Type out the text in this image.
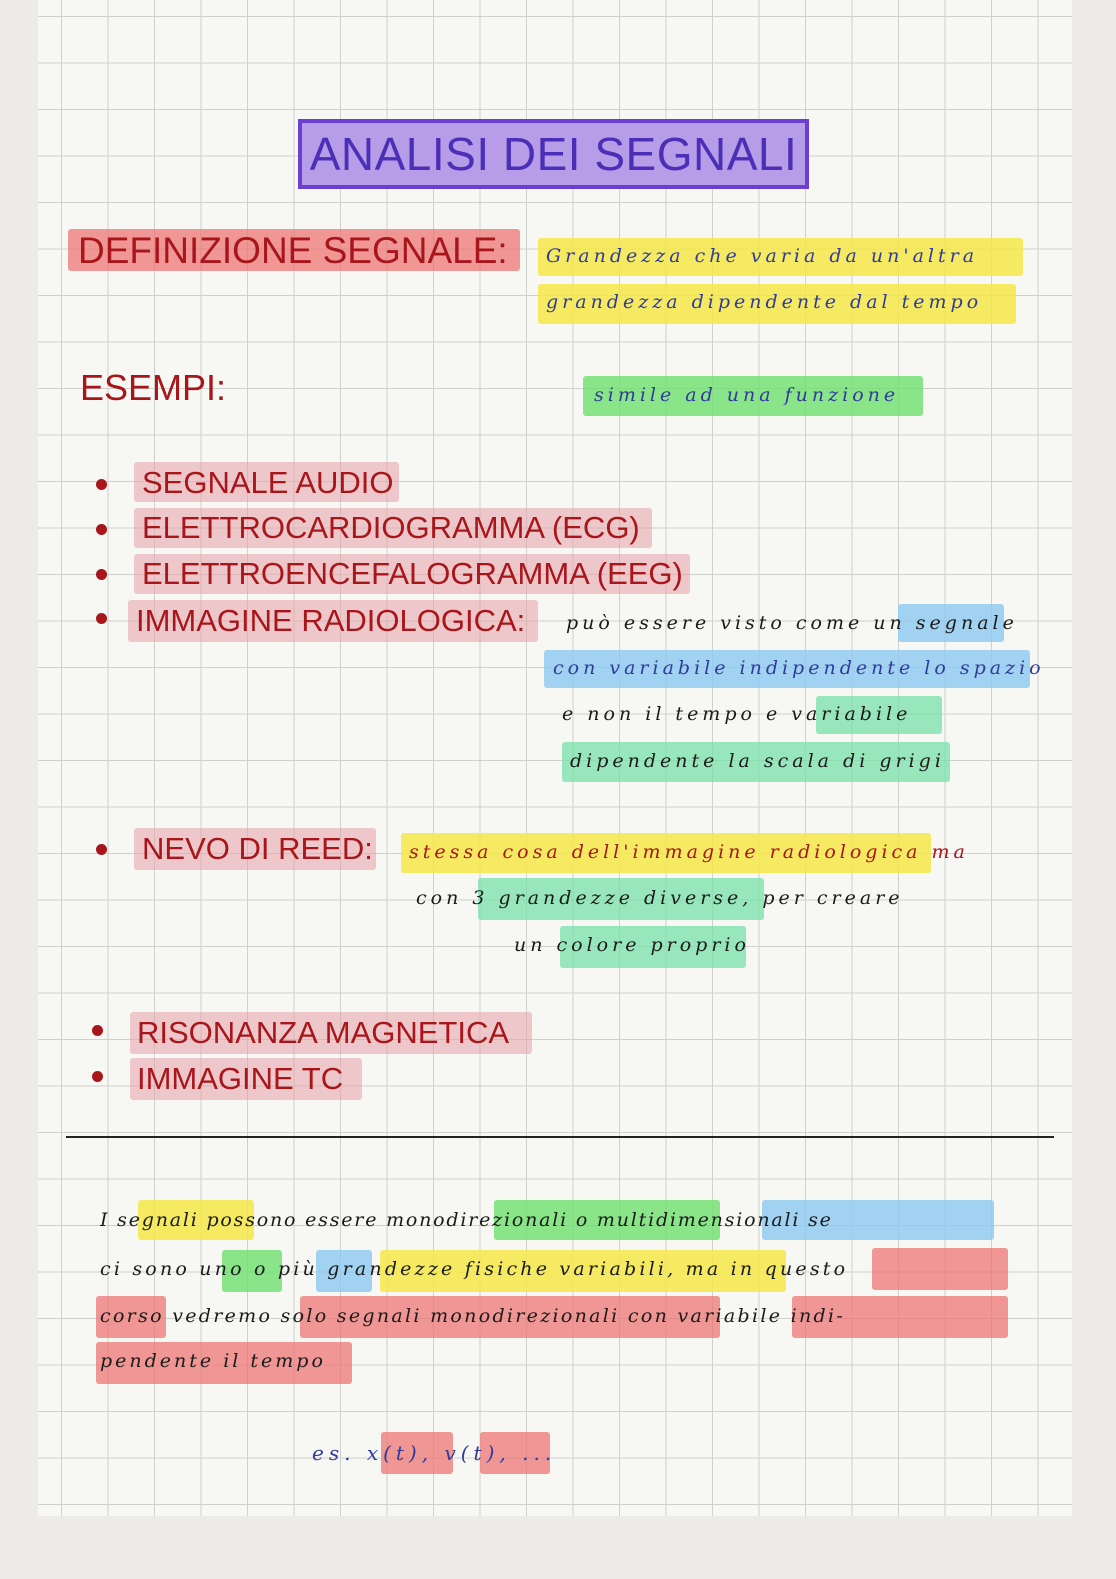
ANALISI DEI SEGNALI
DEFINIZIONE SEGNALE: Grandezza che varia da un'altra
grandezza dipendente dal tempo
simile ad una funzione
ESEMPI:
SEGNALE AUDIO
ELETTROCARDIOGRAMMA (ECG)
ELETTROENCEFALOGRAMMA (EEG)
IMMAGINE RADIOLOGICA: può essere visto come un segnale
con variabile indipendente lo spazio
e non il tempo e variabile
dipendente la scala di grigi
NEVO DI REED: stessa cosa dell'immagine radiologica ma
con 3 grandezze diverse, per creare
un colore proprio
RISONANZA MAGNETICA
IMMAGINE TC
I segnali possono essere monodirezionali o multidimensionali se
ci sono uno o più grandezze fisiche variabili, ma in questo
corso vedremo solo segnali monodirezionali con variabile indi-
pendente il tempo
es. x(t), v(t), ...
